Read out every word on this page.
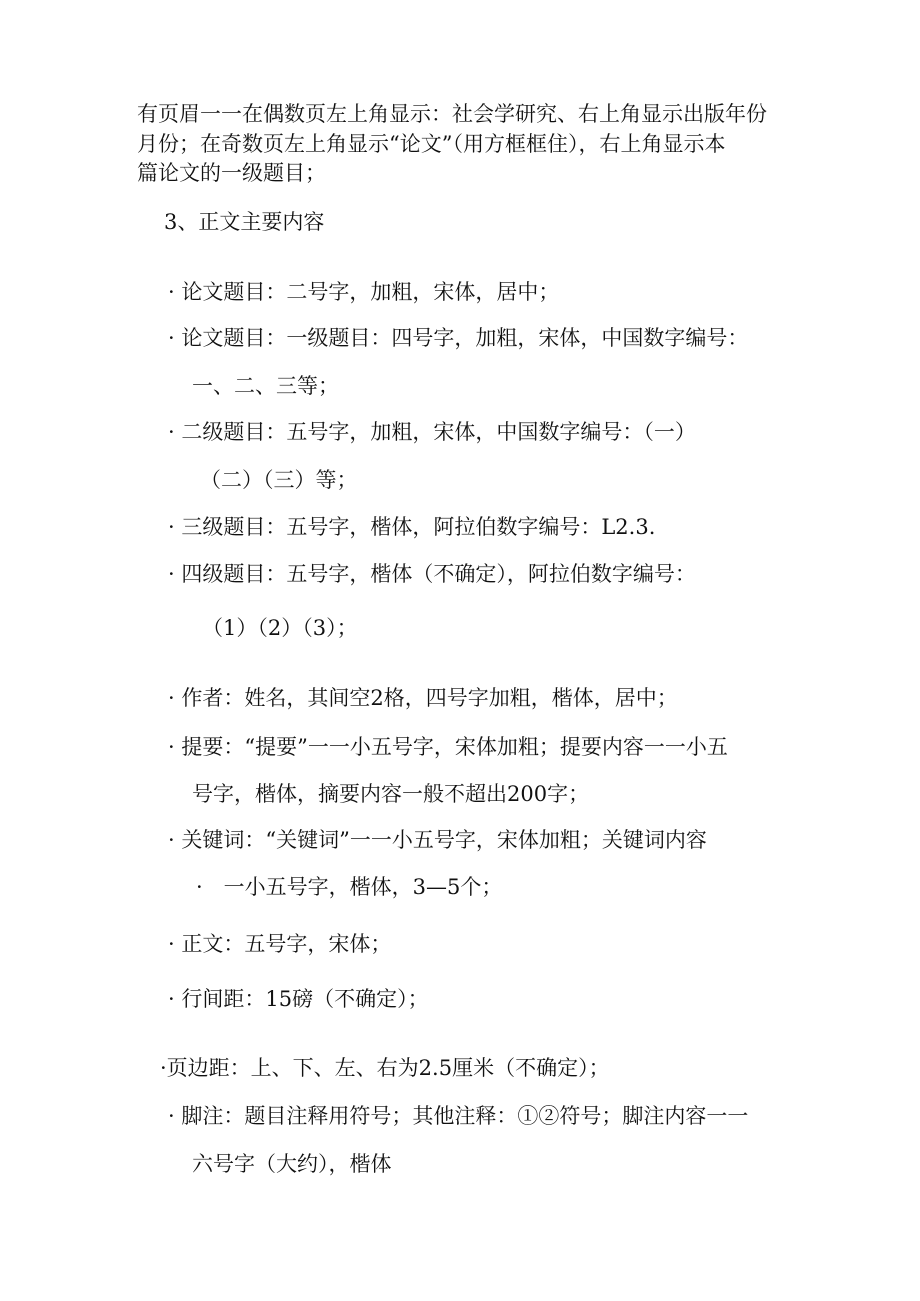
有页眉一一在偶数页左上角显示：社会学研究、右上角显示出版年份

月份；在奇数页左上角显示“论文”（用方框框住），右上角显示本

篇论文的一级题目；

3、正文主要内容

· 论文题目：二号字，加粗，宋体，居中；

· 论文题目：一级题目：四号字，加粗，宋体，中国数字编号：

一、二、三等；

· 二级题目：五号字，加粗，宋体，中国数字编号：（一）

（二）（三）等；

· 三级题目：五号字，楷体，阿拉伯数字编号：L2.3.

· 四级题目：五号字，楷体（不确定），阿拉伯数字编号：

（1）（2）（3）；

· 作者：姓名，其间空2格，四号字加粗，楷体，居中；

· 提要：“提要”一一小五号字，宋体加粗；提要内容一一小五

号字，楷体，摘要内容一般不超出200字；

· 关键词：“关键词”一一小五号字，宋体加粗；关键词内容

·　一小五号字，楷体，3—5个；

· 正文：五号字，宋体；

· 行间距：15磅（不确定）；

·页边距：上、下、左、右为2.5厘米（不确定）；

· 脚注：题目注释用符号；其他注释：①②符号；脚注内容一一

六号字（大约），楷体
